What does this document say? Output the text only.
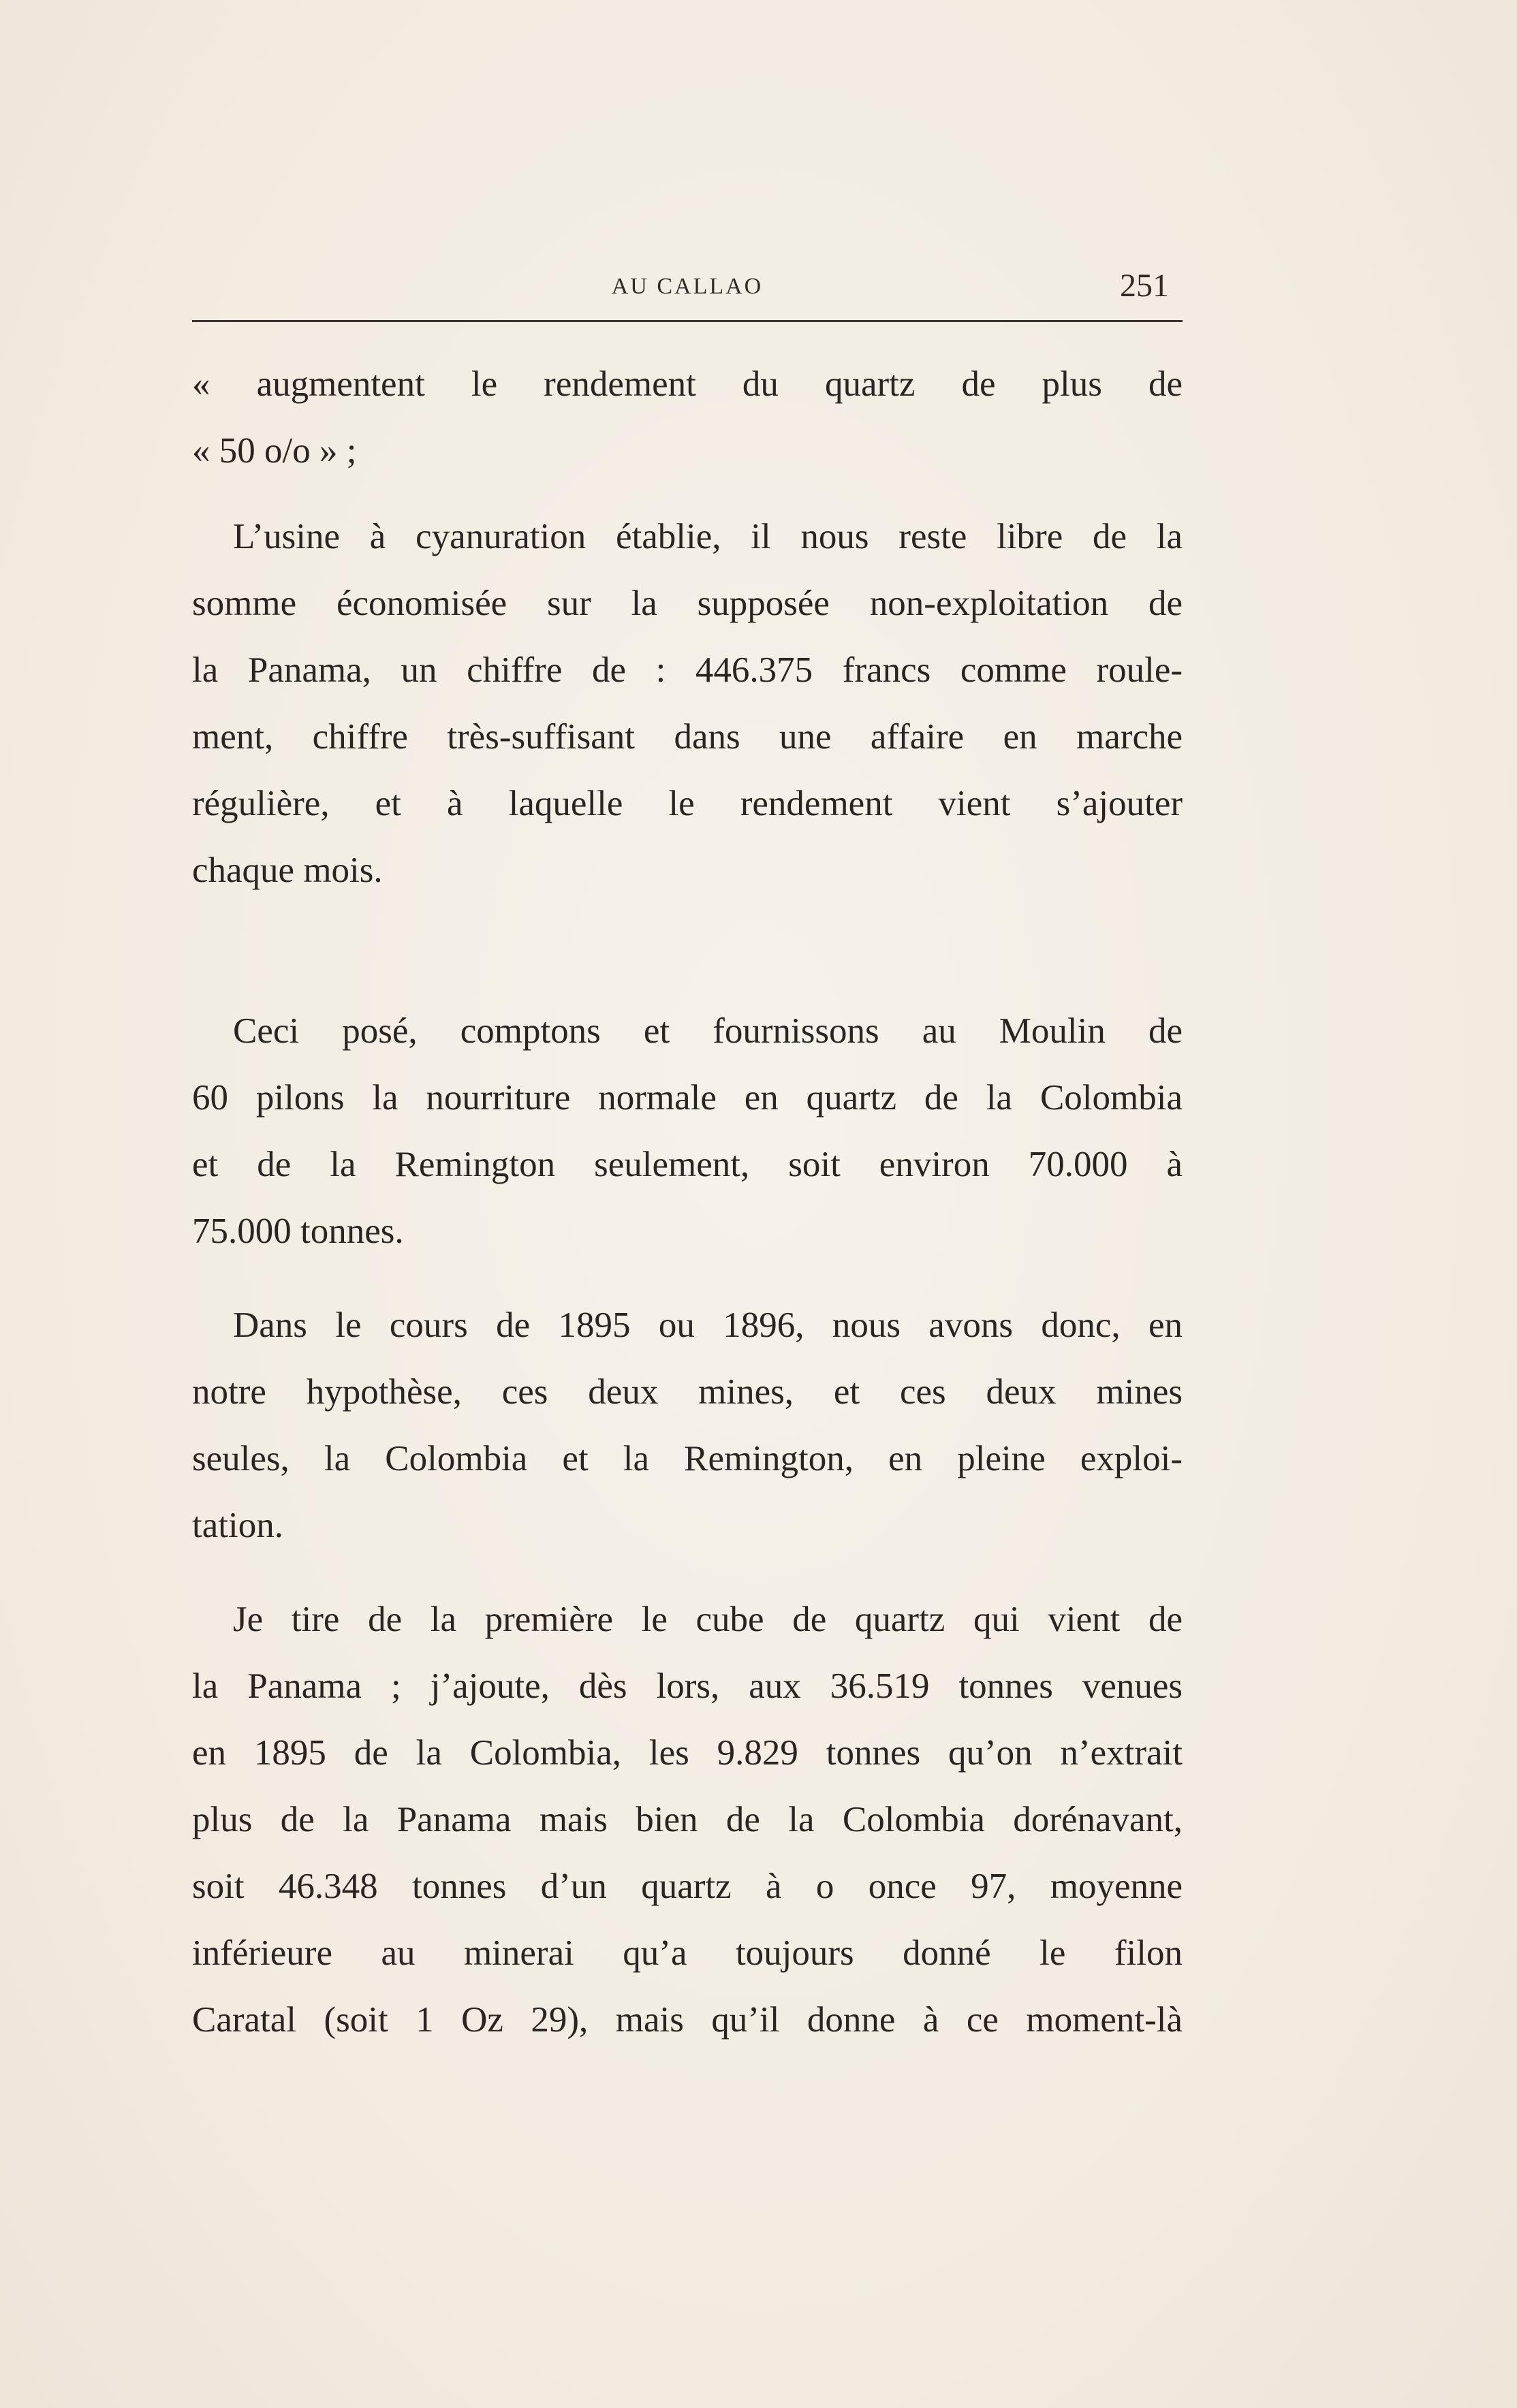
AU CALLAO	251
« augmentent le rendement du quartz de plus de
« 50 o/o » ;
L’usine à cyanuration établie, il nous reste libre de la
somme économisée sur la supposée non-exploitation de
la Panama, un chiffre de : 446.375 francs comme roule-
ment, chiffre très-suffisant dans une affaire en marche
régulière, et à laquelle le rendement vient s’ajouter
chaque mois.
Ceci posé, comptons et fournissons au Moulin de
60 pilons la nourriture normale en quartz de la Colombia
et de la Remington seulement, soit environ 70.000 à
75.000 tonnes.
Dans le cours de 1895 ou 1896, nous avons donc, en
notre hypothèse, ces deux mines, et ces deux mines
seules, la Colombia et la Remington, en pleine exploi-
tation.
Je tire de la première le cube de quartz qui vient de
la Panama ; j’ajoute, dès lors, aux 36.519 tonnes venues
en 1895 de la Colombia, les 9.829 tonnes qu’on n’extrait
plus de la Panama mais bien de la Colombia dorénavant,
soit 46.348 tonnes d’un quartz à o once 97, moyenne
inférieure au minerai qu’a toujours donné le filon
Caratal (soit 1 Oz 29), mais qu’il donne à ce moment-là
